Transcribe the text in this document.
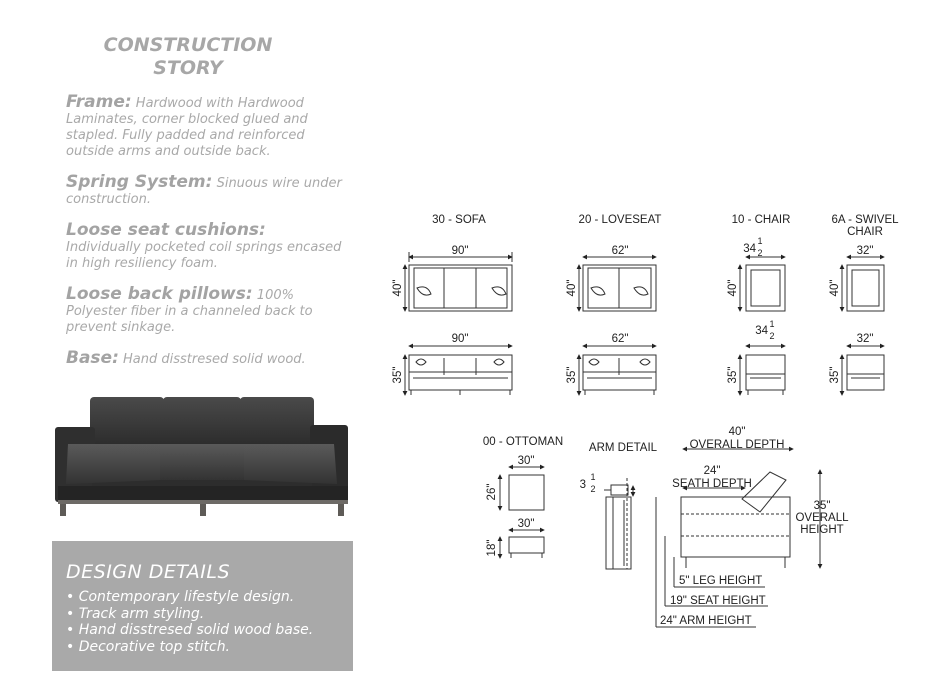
CONSTRUCTION
STORY
Frame: Hardwood with Hardwood Laminates, corner blocked glued and stapled. Fully padded and reinforced outside arms and outside back.
Spring System: Sinuous wire under construction.
Loose seat cushions: Individually pocketed coil springs encased in high resiliency foam.
Loose back pillows: 100% Polyester fiber in a channeled back to prevent sinkage.
Base: Hand disstresed solid wood.
DESIGN DETAILS
• Contemporary lifestyle design.
• Track arm styling.
• Hand disstresed solid wood base.
• Decorative top stitch.
30 - SOFA
90"
40"
90"
35"
20 - LOVESEAT
62"
40"
62"
35"
10 - CHAIR
34
1
2
40"
34
1
2
35"
6A - SWIVEL
CHAIR
32"
40"
32"
35"
00 - OTTOMAN
30"
26"
30"
18"
ARM DETAIL
3
1
2
40"
OVERALL DEPTH
24"
SEATH DEPTH
35"
OVERALL
HEIGHT
5" LEG HEIGHT
19" SEAT HEIGHT
24" ARM HEIGHT
